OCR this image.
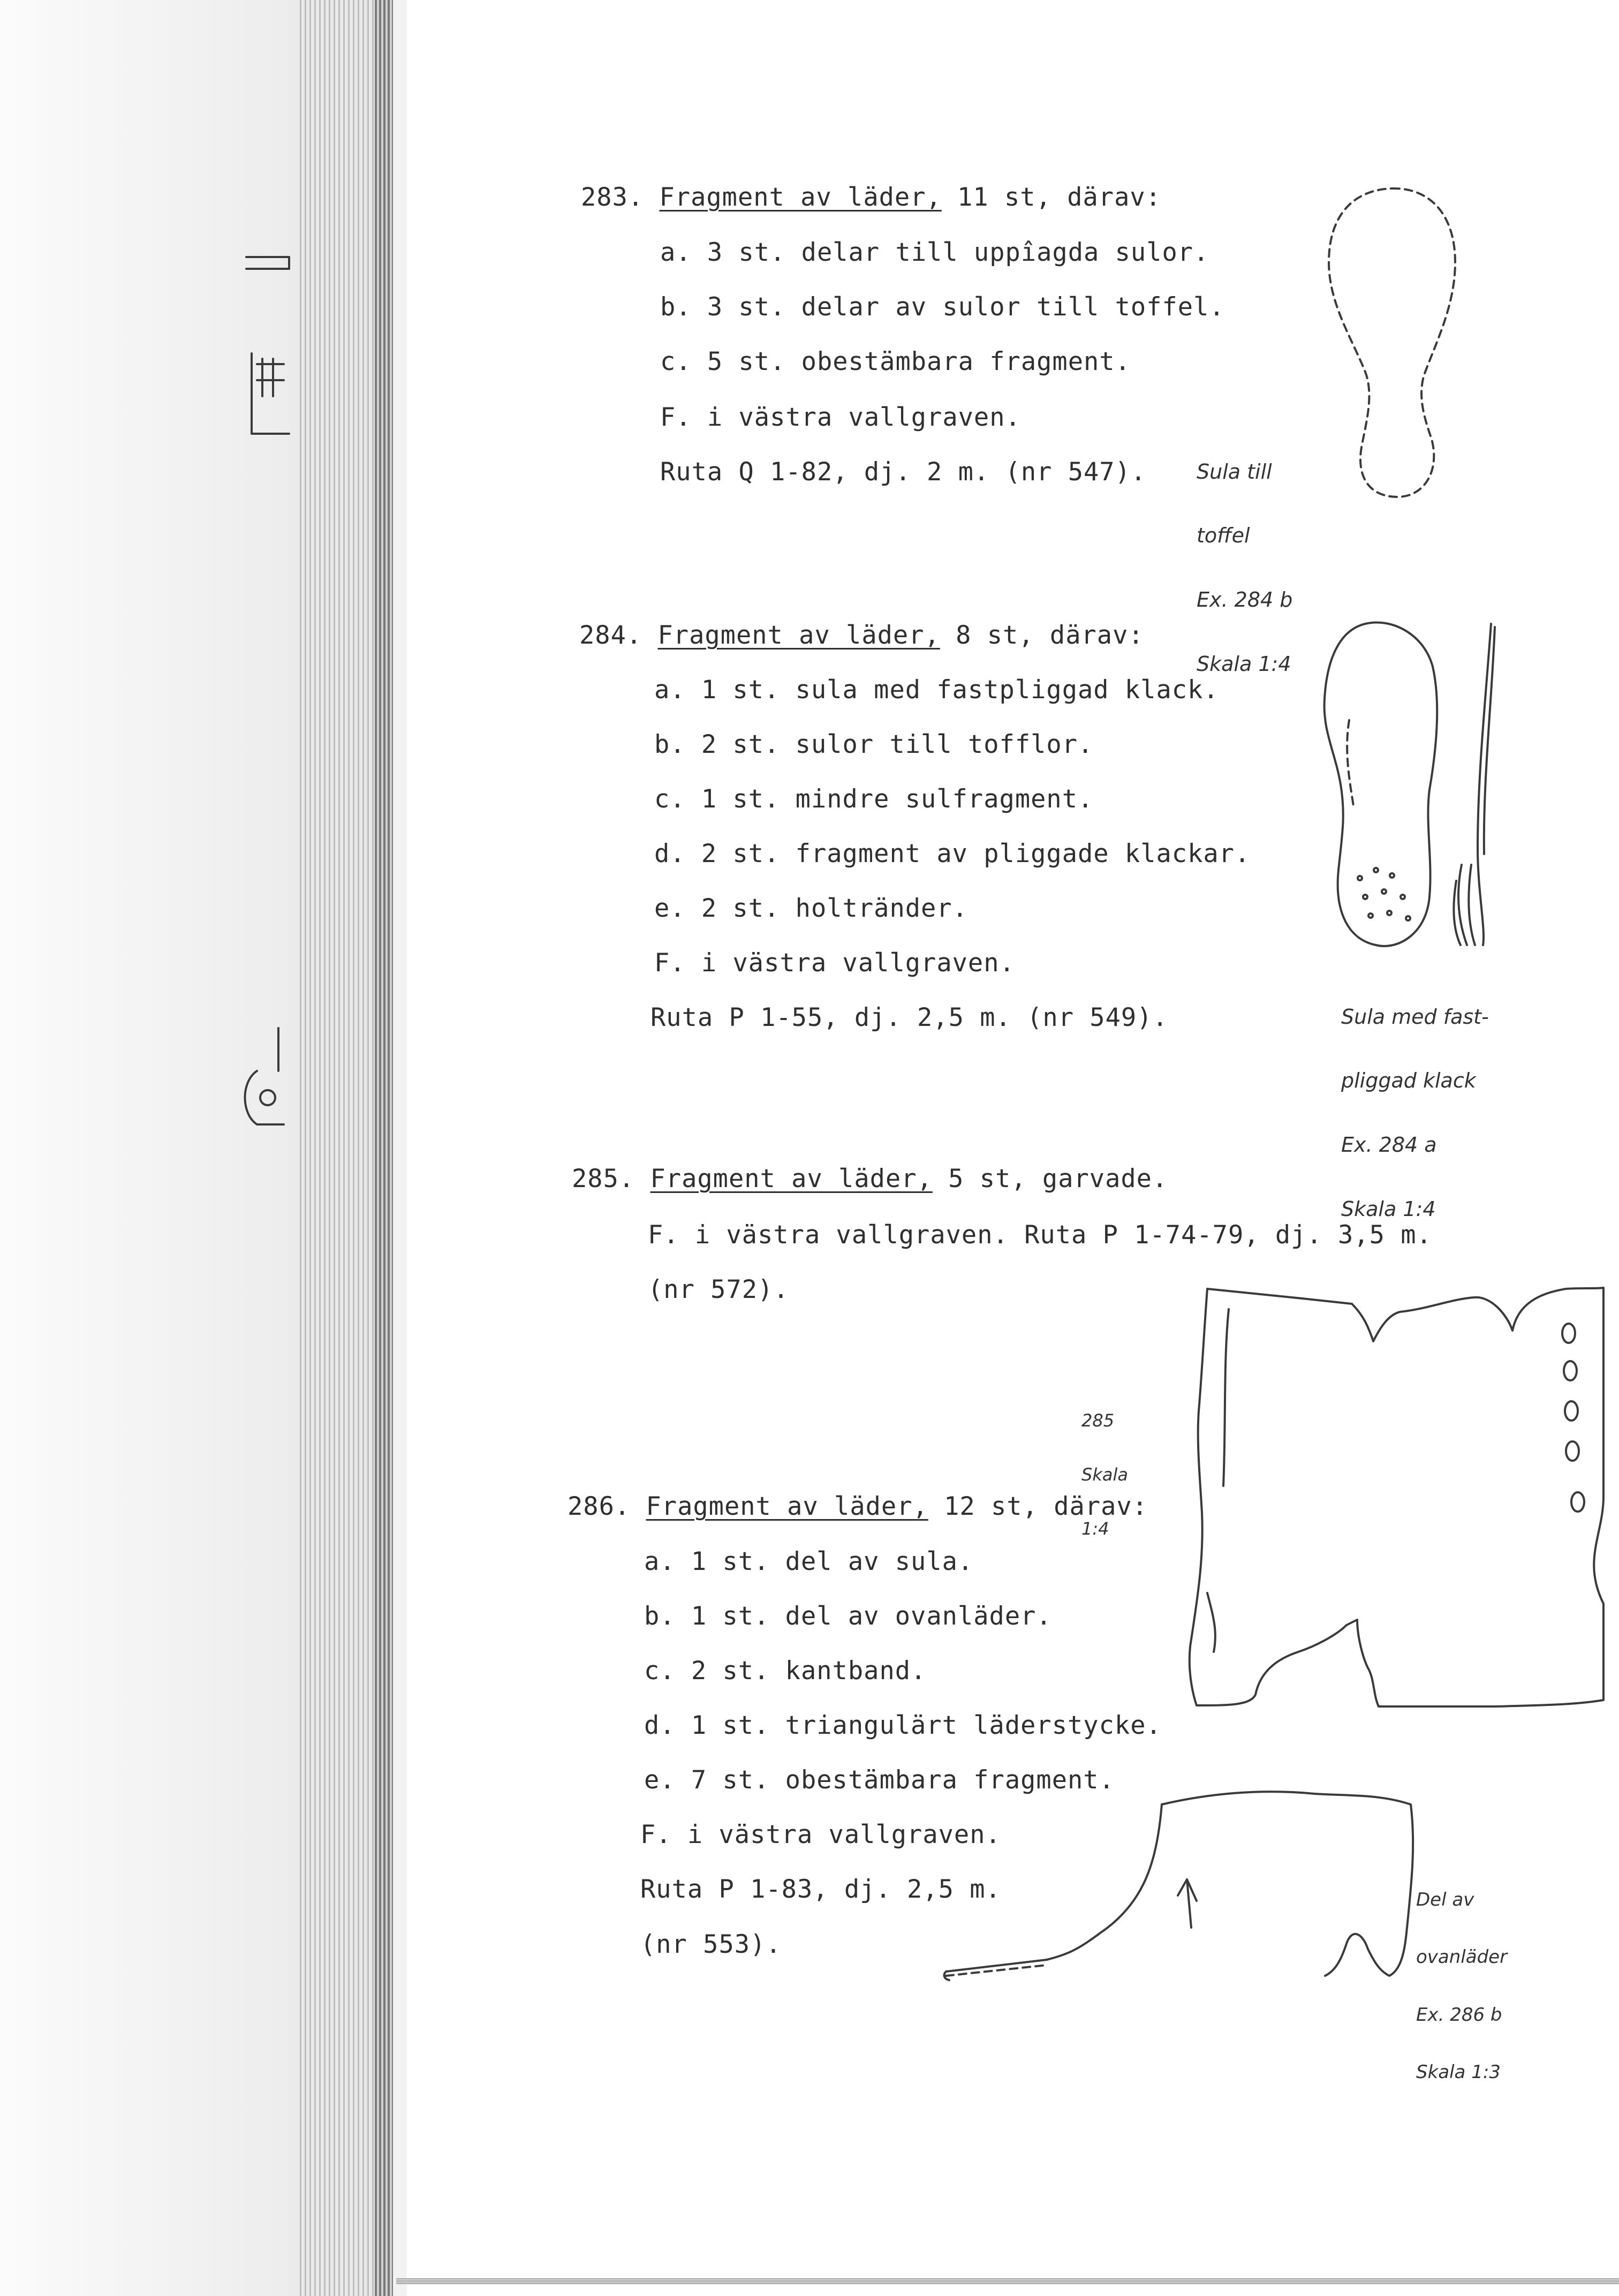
283. Fragment av läder, 11 st, därav:
a. 3 st. delar till uppîagda sulor.
b. 3 st. delar av sulor till toffel.
c. 5 st. obestämbara fragment.
F. i västra vallgraven.
Ruta Q 1-82, dj. 2 m. (nr 547).
284. Fragment av läder, 8 st, därav:
a. 1 st. sula med fastpliggad klack.
b. 2 st. sulor till tofflor.
c. 1 st. mindre sulfragment.
d. 2 st. fragment av pliggade klackar.
e. 2 st. holtränder.
F. i västra vallgraven.
Ruta P 1-55, dj. 2,5 m. (nr 549).
285. Fragment av läder, 5 st, garvade.
F. i västra vallgraven. Ruta P 1-74-79, dj. 3,5 m.
(nr 572).
286. Fragment av läder, 12 st, därav:
a. 1 st. del av sula.
b. 1 st. del av ovanläder.
c. 2 st. kantband.
d. 1 st. triangulärt läderstycke.
e. 7 st. obestämbara fragment.
F. i västra vallgraven.
Ruta P 1-83, dj. 2,5 m.
(nr 553).

Sula till

toffel

Ex. 284 b

Skala 1:4

Sula med fast-

pliggad klack

Ex. 284 a

Skala 1:4

285

Skala

1:4

Del av

ovanläder

Ex. 286 b

Skala 1:3
